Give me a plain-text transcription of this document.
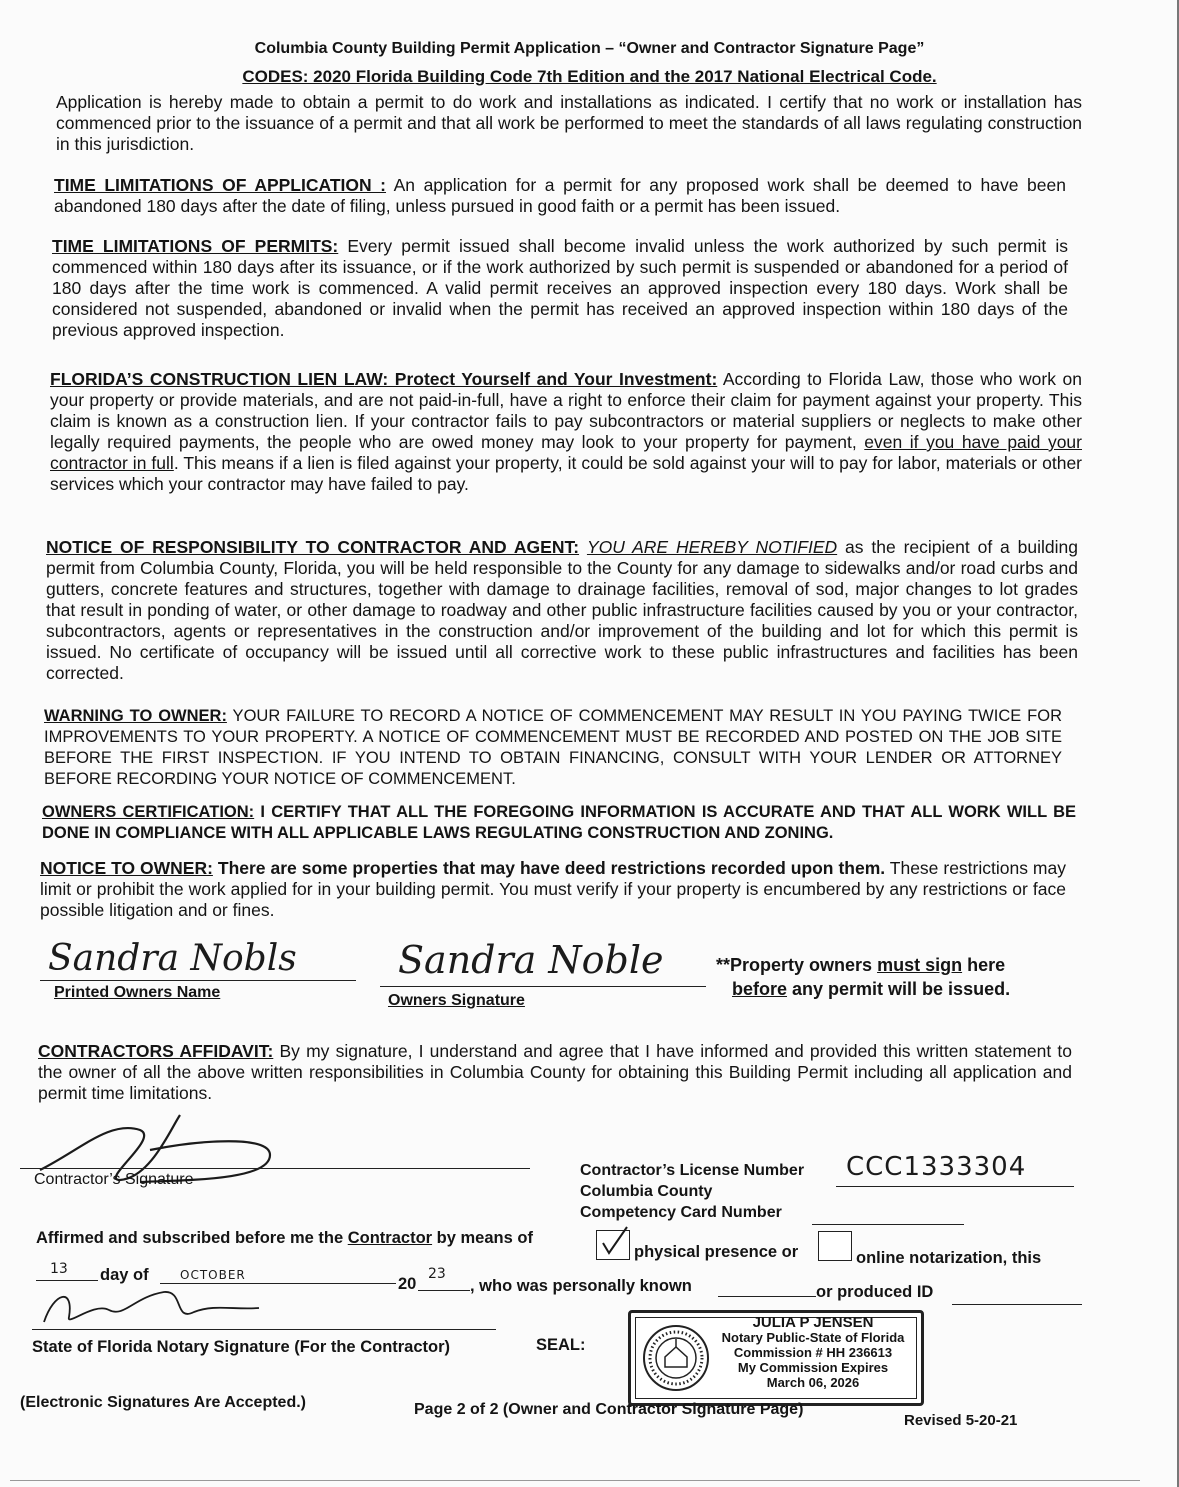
Columbia County Building Permit Application – “Owner and Contractor Signature Page”
CODES: 2020 Florida Building Code 7th Edition and the 2017 National Electrical Code.

Application is hereby made to obtain a permit to do work and installations as indicated. I certify that no work or installation has commenced prior to the issuance of a permit and that all work be performed to meet the standards of all laws regulating construction in this jurisdiction.

TIME LIMITATIONS OF APPLICATION : An application for a permit for any proposed work shall be deemed to have been abandoned 180 days after the date of filing, unless pursued in good faith or a permit has been issued.

TIME LIMITATIONS OF PERMITS: Every permit issued shall become invalid unless the work authorized by such permit is commenced within 180 days after its issuance, or if the work authorized by such permit is suspended or abandoned for a period of 180 days after the time work is commenced. A valid permit receives an approved inspection every 180 days. Work shall be considered not suspended, abandoned or invalid when the permit has received an approved inspection within 180 days of the previous approved inspection.

FLORIDA’S CONSTRUCTION LIEN LAW: Protect Yourself and Your Investment: According to Florida Law, those who work on your property or provide materials, and are not paid-in-full, have a right to enforce their claim for payment against your property. This claim is known as a construction lien. If your contractor fails to pay subcontractors or material suppliers or neglects to make other legally required payments, the people who are owed money may look to your property for payment, even if you have paid your contractor in full. This means if a lien is filed against your property, it could be sold against your will to pay for labor, materials or other services which your contractor may have failed to pay.

NOTICE OF RESPONSIBILITY TO CONTRACTOR AND AGENT: YOU ARE HEREBY NOTIFIED as the recipient of a building permit from Columbia County, Florida, you will be held responsible to the County for any damage to sidewalks and/or road curbs and gutters, concrete features and structures, together with damage to drainage facilities, removal of sod, major changes to lot grades that result in ponding of water, or other damage to roadway and other public infrastructure facilities caused by you or your contractor, subcontractors, agents or representatives in the construction and/or improvement of the building and lot for which this permit is issued. No certificate of occupancy will be issued until all corrective work to these public infrastructures and facilities has been corrected.

WARNING TO OWNER: YOUR FAILURE TO RECORD A NOTICE OF COMMENCEMENT MAY RESULT IN YOU PAYING TWICE FOR IMPROVEMENTS TO YOUR PROPERTY. A NOTICE OF COMMENCEMENT MUST BE RECORDED AND POSTED ON THE JOB SITE BEFORE THE FIRST INSPECTION. IF YOU INTEND TO OBTAIN FINANCING, CONSULT WITH YOUR LENDER OR ATTORNEY BEFORE RECORDING YOUR NOTICE OF COMMENCEMENT.

OWNERS CERTIFICATION: I CERTIFY THAT ALL THE FOREGOING INFORMATION IS ACCURATE AND THAT ALL WORK WILL BE DONE IN COMPLIANCE WITH ALL APPLICABLE LAWS REGULATING CONSTRUCTION AND ZONING.

NOTICE TO OWNER: There are some properties that may have deed restrictions recorded upon them. These restrictions may limit or prohibit the work applied for in your building permit. You must verify if your property is encumbered by any restrictions or face possible litigation and or fines.

Sandra Nobls
Printed Owners Name
Sandra Noble
Owners Signature
**Property owners must sign here
before any permit will be issued.

CONTRACTORS AFFIDAVIT: By my signature, I understand and agree that I have informed and provided this written statement to the owner of all the above written responsibilities in Columbia County for obtaining this Building Permit including all application and permit time limitations.

Contractor’s Signature
Contractor’s License Number CCC1333304
Columbia County
Competency Card Number
Affirmed and subscribed before me the Contractor by means of
physical presence or	online notarization, this
13 day of	OCTOBER	20
23
, who was personally known	or produced ID
State of Florida Notary Signature (For the Contractor)	SEAL:
JULIA P JENSEN
Notary Public-State of Florida
Commission # HH 236613
My Commission Expires
March 06, 2026
(Electronic Signatures Are Accepted.)	Page 2 of 2 (Owner and Contractor Signature Page)
Revised 5-20-21
